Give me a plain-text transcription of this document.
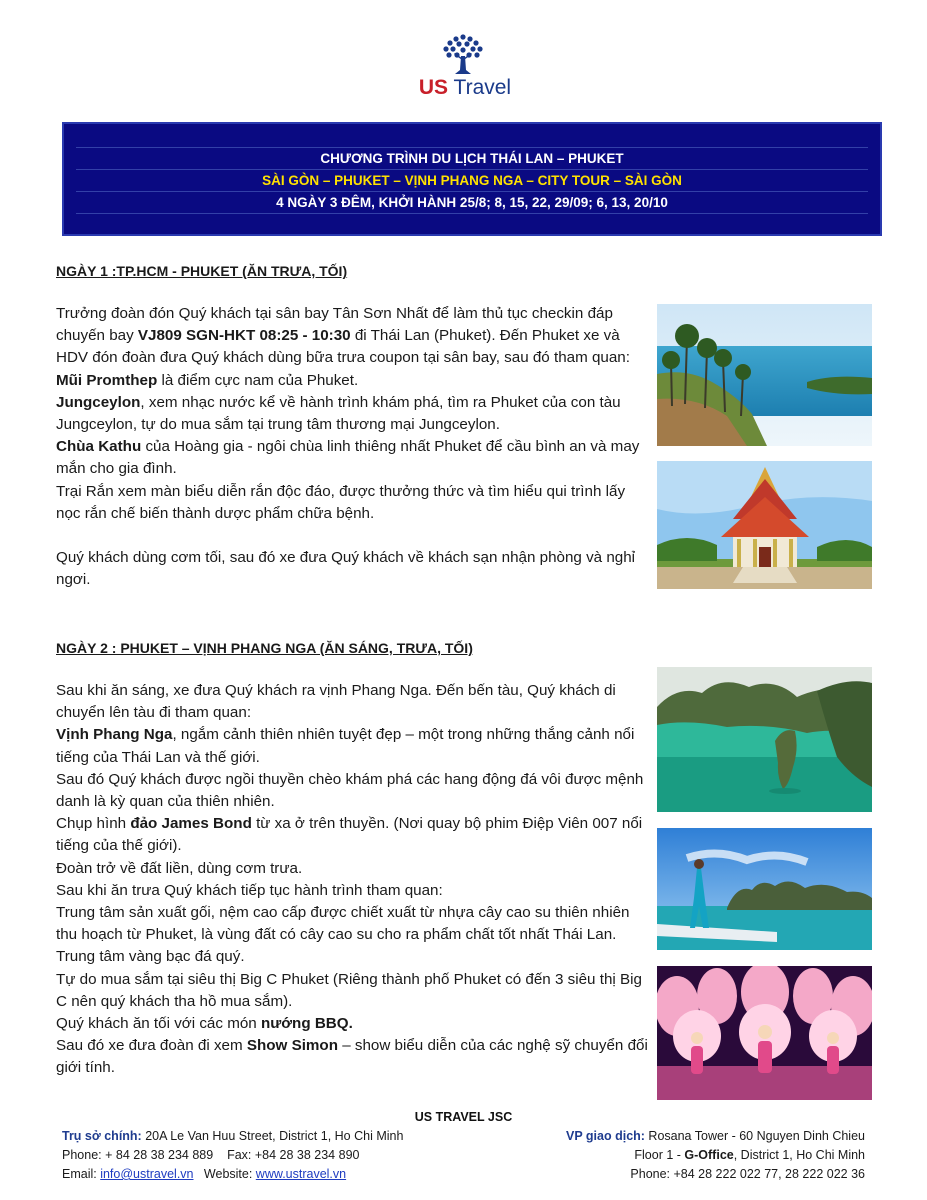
US Travel
CHƯƠNG TRÌNH DU LỊCH THÁI LAN – PHUKET
SÀI GÒN – PHUKET – VỊNH PHANG NGA – CITY TOUR – SÀI GÒN
4 NGÀY 3 ĐÊM, KHỞI HÀNH 25/8; 8, 15, 22, 29/09; 6, 13, 20/10
NGÀY 1 :TP.HCM - PHUKET (ĂN TRƯA, TỐI)

Trưởng đoàn đón Quý khách tại sân bay Tân Sơn Nhất để làm thủ tục checkin đáp chuyến bay VJ809 SGN-HKT 08:25 - 10:30 đi Thái Lan (Phuket). Đến Phuket xe và HDV đón đoàn đưa Quý khách dùng bữa trưa coupon tại sân bay, sau đó tham quan:

Mũi Promthep là điểm cực nam của Phuket.

Jungceylon, xem nhạc nước kể về hành trình khám phá, tìm ra Phuket của con tàu Jungceylon, tự do mua sắm tại trung tâm thương mại Jungceylon.

Chùa Kathu của Hoàng gia - ngôi chùa linh thiêng nhất Phuket để cầu bình an và may mắn cho gia đình.

Trại Rắn xem màn biểu diễn rắn độc đáo, được thưởng thức và tìm hiểu qui trình lấy nọc rắn chế biến thành dược phẩm chữa bệnh.

Quý khách dùng cơm tối, sau đó xe đưa Quý khách về khách sạn nhận phòng và nghỉ ngơi.

NGÀY 2 : PHUKET – VỊNH PHANG NGA (ĂN SÁNG, TRƯA, TỐI)

Sau khi ăn sáng, xe đưa Quý khách ra vịnh Phang Nga. Đến bến tàu, Quý khách di chuyển lên tàu đi tham quan:

Vịnh Phang Nga, ngắm cảnh thiên nhiên tuyệt đẹp – một trong những thắng cảnh nổi tiếng của Thái Lan và thế giới.

Sau đó Quý khách được ngồi thuyền chèo khám phá các hang động đá vôi được mệnh danh là kỳ quan của thiên nhiên.

Chụp hình đảo James Bond từ xa ở trên thuyền. (Nơi quay bộ phim Điệp Viên 007 nổi tiếng của thế giới).

Đoàn trở về đất liền, dùng cơm trưa.

Sau khi ăn trưa Quý khách tiếp tục hành trình tham quan:

Trung tâm sản xuất gối, nệm cao cấp được chiết xuất từ nhựa cây cao su thiên nhiên thu hoạch từ Phuket, là vùng đất có cây cao su cho ra phẩm chất tốt nhất Thái Lan.

Trung tâm vàng bạc đá quý.

Tự do mua sắm tại siêu thị Big C Phuket (Riêng thành phố Phuket có đến 3 siêu thị Big C nên quý khách tha hồ mua sắm).

Quý khách ăn tối với các món nướng BBQ.

Sau đó xe đưa đoàn đi xem Show Simon – show biểu diễn của các nghệ sỹ chuyển đổi giới tính.

US TRAVEL JSC
Trụ sở chính: 20A Le Van Huu Street, District 1, Ho Chi Minh
Phone: + 84 28 38 234 889    Fax: +84 28 38 234 890
Email: info@ustravel.vn   Website: www.ustravel.vn
VP giao dịch: Rosana Tower - 60 Nguyen Dinh Chieu
Floor 1 - G-Office, District 1, Ho Chi Minh
Phone: +84 28 222 022 77, 28 222 022 36
